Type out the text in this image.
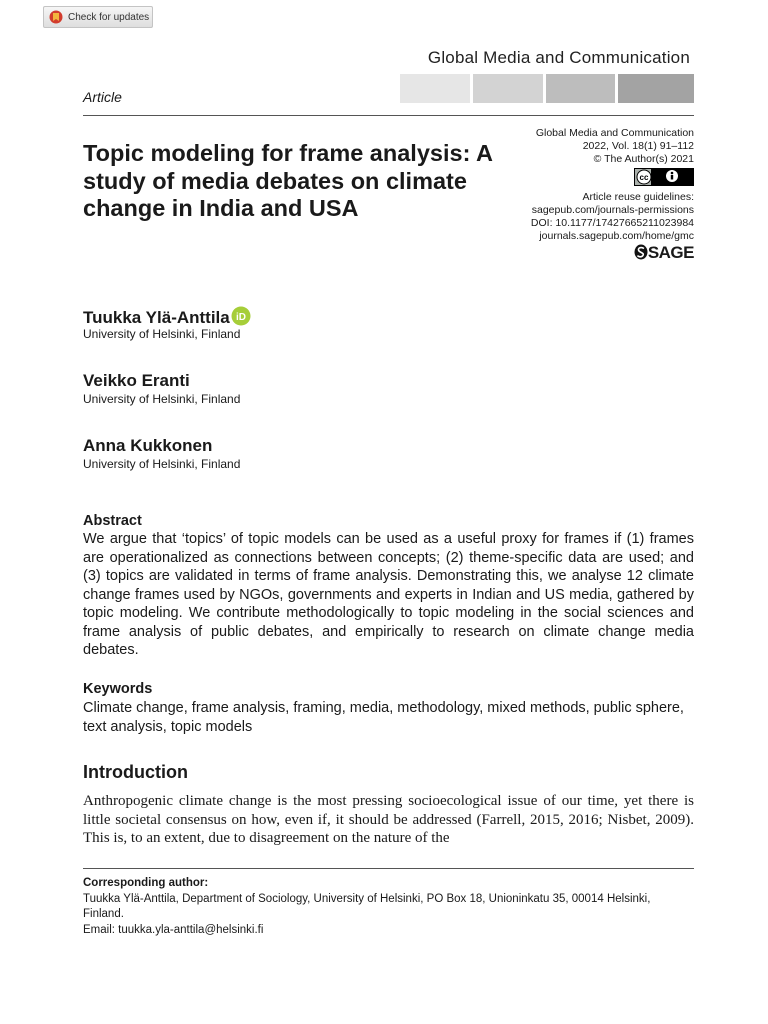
Check for updates
Global Media and Communication
Article
Topic modeling for frame analysis: A study of media debates on climate change in India and USA
Global Media and Communication
2022, Vol. 18(1) 91–112
© The Author(s) 2021
cc
Article reuse guidelines:
sagepub.com/journals-permissions
DOI: 10.1177/17427665211023984
journals.sagepub.com/home/gmc
SAGE
Tuukka Ylä-Anttila iD
University of Helsinki, Finland
Veikko Eranti
University of Helsinki, Finland
Anna Kukkonen
University of Helsinki, Finland
Abstract
We argue that ‘topics’ of topic models can be used as a useful proxy for frames if (1) frames are operationalized as connections between concepts; (2) theme-specific data are used; and (3) topics are validated in terms of frame analysis. Demonstrating this, we analyse 12 climate change frames used by NGOs, governments and experts in Indian and US media, gathered by topic modeling. We contribute methodologically to topic modeling in the social sciences and frame analysis of public debates, and empirically to research on climate change media debates.
Keywords
Climate change, frame analysis, framing, media, methodology, mixed methods, public sphere, text analysis, topic models
Introduction
Anthropogenic climate change is the most pressing socioecological issue of our time, yet there is little societal consensus on how, even if, it should be addressed (Farrell, 2015, 2016; Nisbet, 2009). This is, to an extent, due to disagreement on the nature of the
Corresponding author:
Tuukka Ylä-Anttila, Department of Sociology, University of Helsinki, PO Box 18, Unioninkatu 35, 00014 Helsinki, Finland.
Email: tuukka.yla-anttila@helsinki.fi
